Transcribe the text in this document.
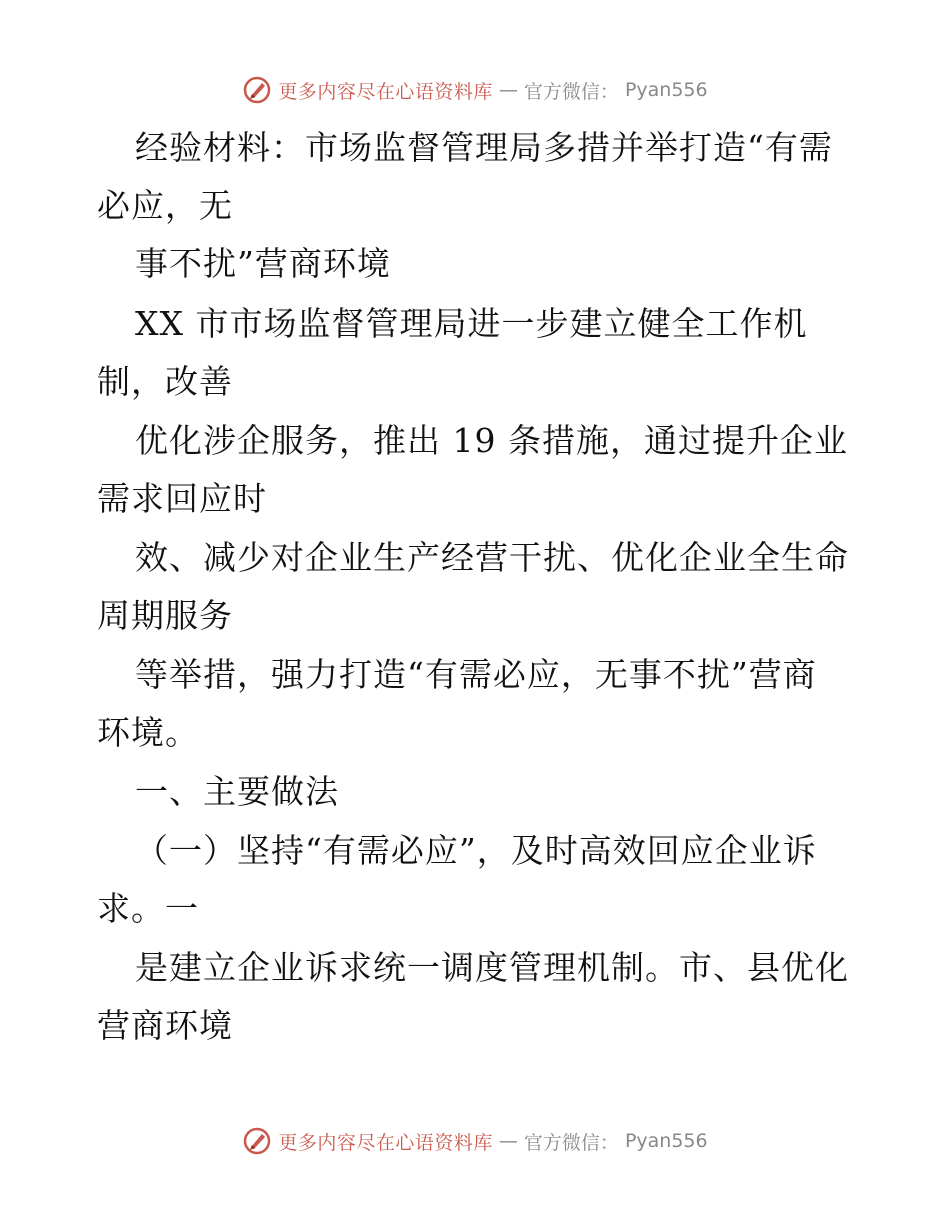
更多内容尽在心语资料库 — 官方微信： Pyan556
经验材料：市场监督管理局多措并举打造“有需
必应，无
事不扰”营商环境
XX 市市场监督管理局进一步建立健全工作机
制，改善
优化涉企服务，推出 19 条措施，通过提升企业
需求回应时
效、减少对企业生产经营干扰、优化企业全生命
周期服务
等举措，强力打造“有需必应，无事不扰”营商
环境。
一、主要做法
（一）坚持“有需必应”，及时高效回应企业诉
求。一
是建立企业诉求统一调度管理机制。市、县优化
营商环境
更多内容尽在心语资料库 — 官方微信： Pyan556
